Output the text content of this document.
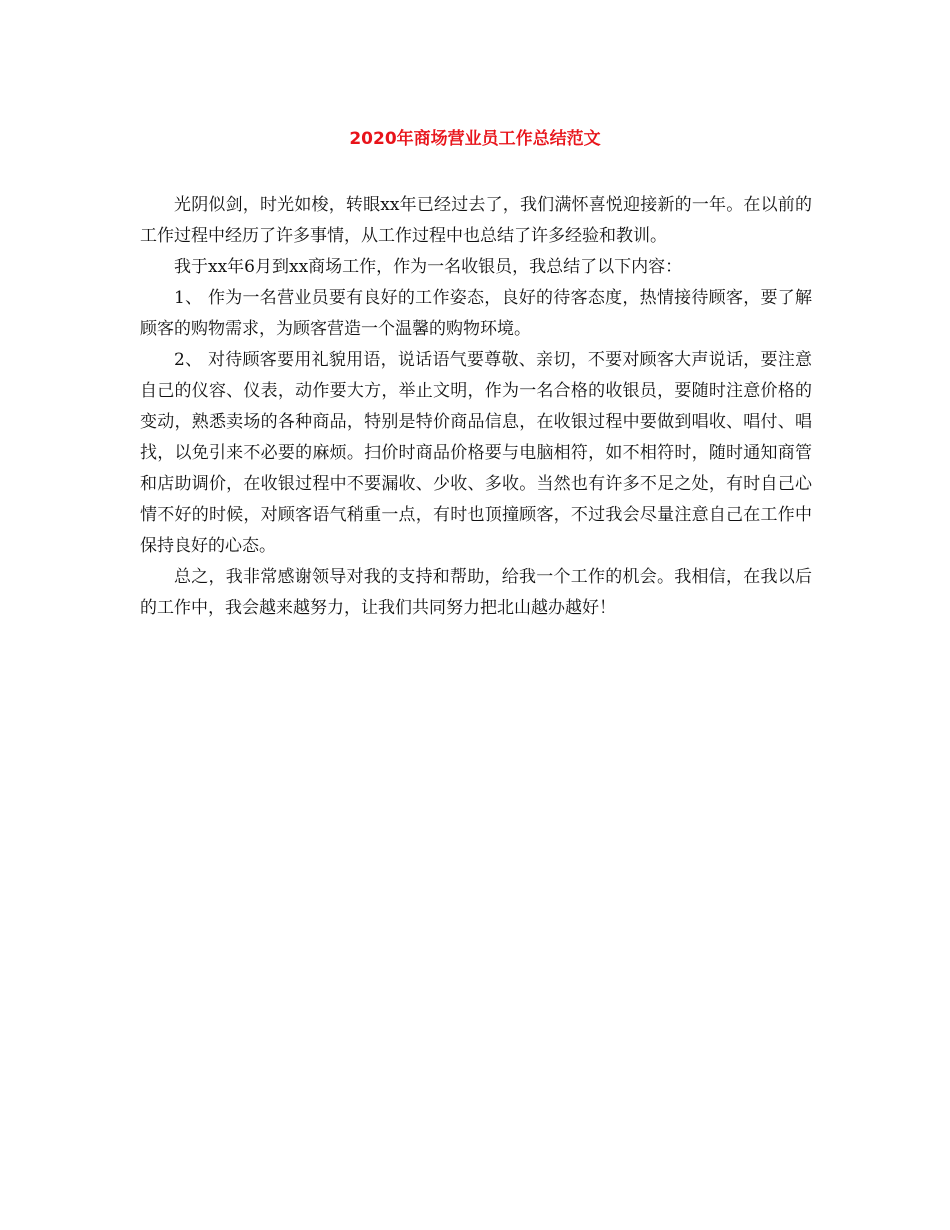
2020年商场营业员工作总结范文

光阴似剑，时光如梭，转眼xx年已经过去了，我们满怀喜悦迎接新的一年。在以前的工作过程中经历了许多事情，从工作过程中也总结了许多经验和教训。

我于xx年6月到xx商场工作，作为一名收银员，我总结了以下内容：

1、 作为一名营业员要有良好的工作姿态，良好的待客态度，热情接待顾客，要了解顾客的购物需求，为顾客营造一个温馨的购物环境。

2、 对待顾客要用礼貌用语，说话语气要尊敬、亲切，不要对顾客大声说话，要注意自己的仪容、仪表，动作要大方，举止文明，作为一名合格的收银员，要随时注意价格的变动，熟悉卖场的各种商品，特别是特价商品信息，在收银过程中要做到唱收、唱付、唱找，以免引来不必要的麻烦。扫价时商品价格要与电脑相符，如不相符时，随时通知商管和店助调价，在收银过程中不要漏收、少收、多收。当然也有许多不足之处，有时自己心情不好的时候，对顾客语气稍重一点，有时也顶撞顾客，不过我会尽量注意自己在工作中保持良好的心态。

总之，我非常感谢领导对我的支持和帮助，给我一个工作的机会。我相信，在我以后的工作中，我会越来越努力，让我们共同努力把北山越办越好！
